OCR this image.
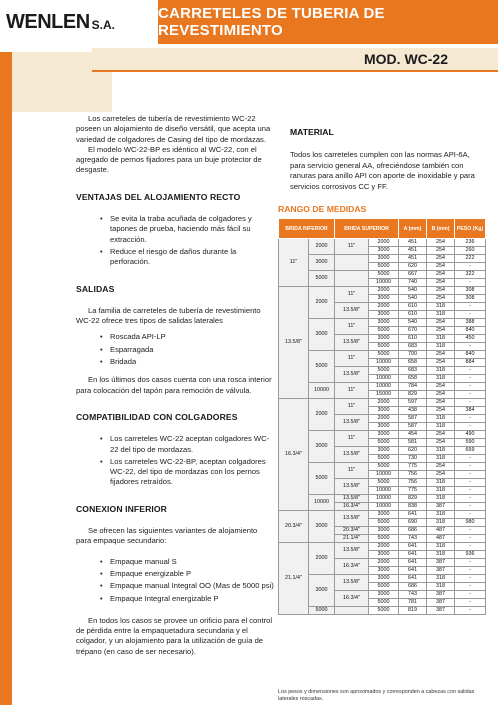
WENLEN S.A.
CARRETELES DE TUBERIA DE REVESTIMIENTO
MOD. WC-22

Los carreteles de tubería de revestimiento WC-22 poseen un alojamiento de diseño versátil, que acepta una variedad de colgadores de Casing del tipo de mordazas.

El modelo WC-22-BP es idéntico al WC-22, con el agregado de pernos fijadores para un buje protector de desgaste.

VENTAJAS DEL ALOJAMIENTO RECTO
• Se evita la traba acuñada de colgadores y tapones de prueba, haciendo más fácil su extracción.
• Reduce el riesgo de daños durante la perforación.
SALIDAS

La familia de carreteles de tubería de revestimiento WC-22 ofrece tres tipos de salidas laterales

• Roscada API-LP
• Esparragada
• Bridada

En los últimos dos casos cuenta con una rosca interior para colocación del tapón para remoción de válvula.

COMPATIBILIDAD CON COLGADORES
• Los carreteles WC-22 aceptan colgadores WC-22 del tipo de mordazas.
• Los carreteles WC-22-BP, aceptan colgadores WC-22, del tipo de mordazas con los pernos fijadores retraídos.
CONEXION INFERIOR

Se ofrecen las siguientes variantes de alojamiento para empaque secundario:

• Empaque manual S
• Empaque energizable P
• Empaque manual Integral OO (Mas de 5000 psi)
• Empaque Integral energizable P

En todos los casos se provee un orificio para el control de pérdida entre la empaquetadura secundaria y el colgador, y un alojamiento para la utilización de guía de trépano (en caso de ser necesario).

MATERIAL
Todos los carreteles cumplen con las normas API-6A, para servicio general AA, ofreciéndose también con ranuras para anillo API con aporte de inoxidable y para servicios corrosivos CC y FF.
RANGO DE MEDIDAS
BRIDA INFERIOR		BRIDA SUPERIOR		A (mm)	B (mm)	PESO (Kg)
11"	2000	11"	2000	451	254	236
			3000	451	254	260
	3000		3000	451	254	222
			5000	620	254	-
	5000		5000	667	254	322
			10000	740	254	-
13.5/8"	2000	11"	2000	540	254	308
			3000	540	254	308
		13.5/8"	2000	610	318	-
			3000	610	318	-
	3000	11"	3000	540	254	388
			5000	670	254	840
		13.5/8"	3000	610	318	450
			5000	683	318	-
	5000	11"	5000	700	254	840
			10000	658	254	884
		13.5/8"	5000	683	318	-
			10000	658	318	-
	10000	11"	10000	784	254	-
			15000	829	254	-
16.3/4"	2000	11"	2000	597	254	-
			3000	438	254	384
		13.5/8"	2000	587	318	-
			3000	587	318	-
	3000	11"	3000	454	254	490
			5000	581	254	590
		13.5/8"	3000	620	318	659
			5000	730	318	-
	5000	11"	5000	775	254	-
			10000	756	254	-
		13.5/8"	5000	756	318	-
			10000	775	318	-
	10000	13.5/8"	10000	829	318	-
		16.3/4"	10000	838	387	-
20.3/4"	3000	13.5/8"	3000	641	318	-
			5000	690	318	980
		20.3/4"	3000	686	487	-
		21.1/4"	5000	743	487	-
21.1/4"	2000	13.5/8"	2000	641	318	-
			3000	641	318	936
		16.3/4"	2000	641	387	-
			3000	641	387	-
	3000	13.5/8"	3000	641	318	-
			5000	686	318	-
		16.3/4"	3000	743	387	-
			5000	781	387	-
	5000		5000	819	387	-
Los pesos y dimensiones son aproximados y corresponden a cabezas con salidas laterales roscadas.
